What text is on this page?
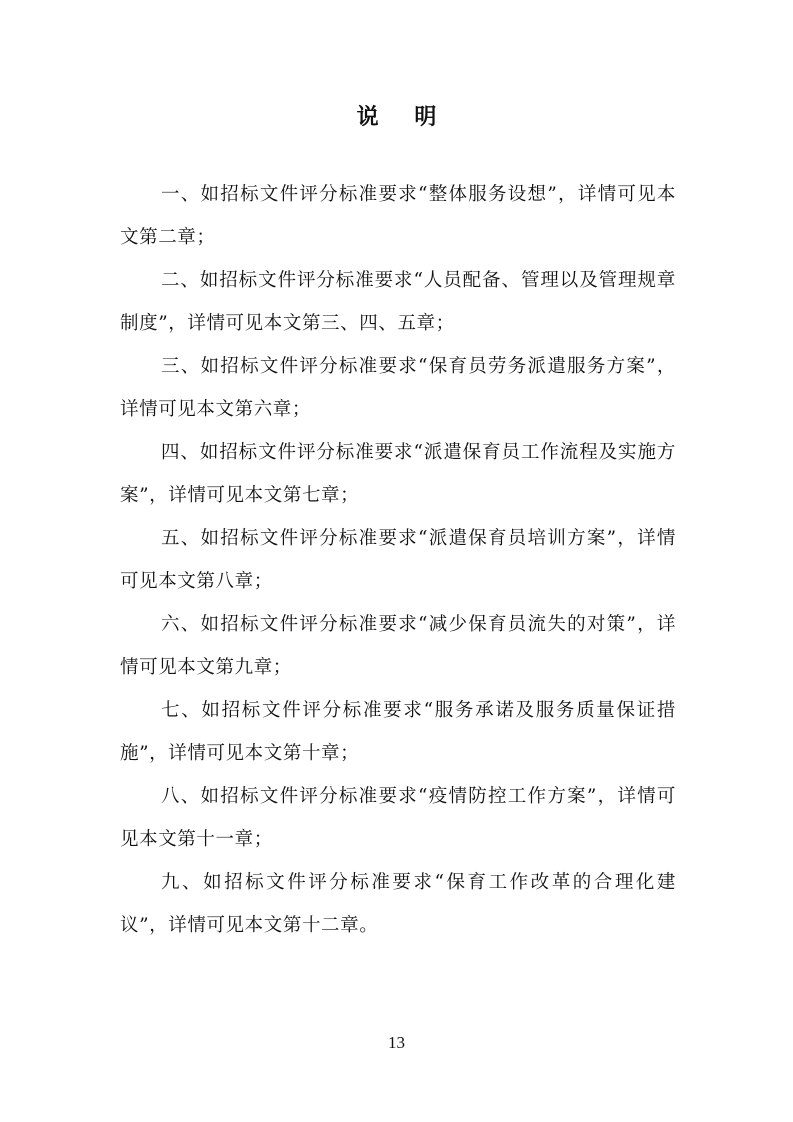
说 明

一、如招标文件评分标准要求“整体服务设想”，详情可见本文第二章；

二、如招标文件评分标准要求“人员配备、管理以及管理规章制度”，详情可见本文第三、四、五章；

三、如招标文件评分标准要求“保育员劳务派遣服务方案”，详情可见本文第六章；

四、如招标文件评分标准要求“派遣保育员工作流程及实施方案”，详情可见本文第七章；

五、如招标文件评分标准要求“派遣保育员培训方案”，详情可见本文第八章；

六、如招标文件评分标准要求“减少保育员流失的对策”，详情可见本文第九章；

七、如招标文件评分标准要求“服务承诺及服务质量保证措施”，详情可见本文第十章；

八、如招标文件评分标准要求“疫情防控工作方案”，详情可见本文第十一章；

九、如招标文件评分标准要求“保育工作改革的合理化建议”，详情可见本文第十二章。

13
